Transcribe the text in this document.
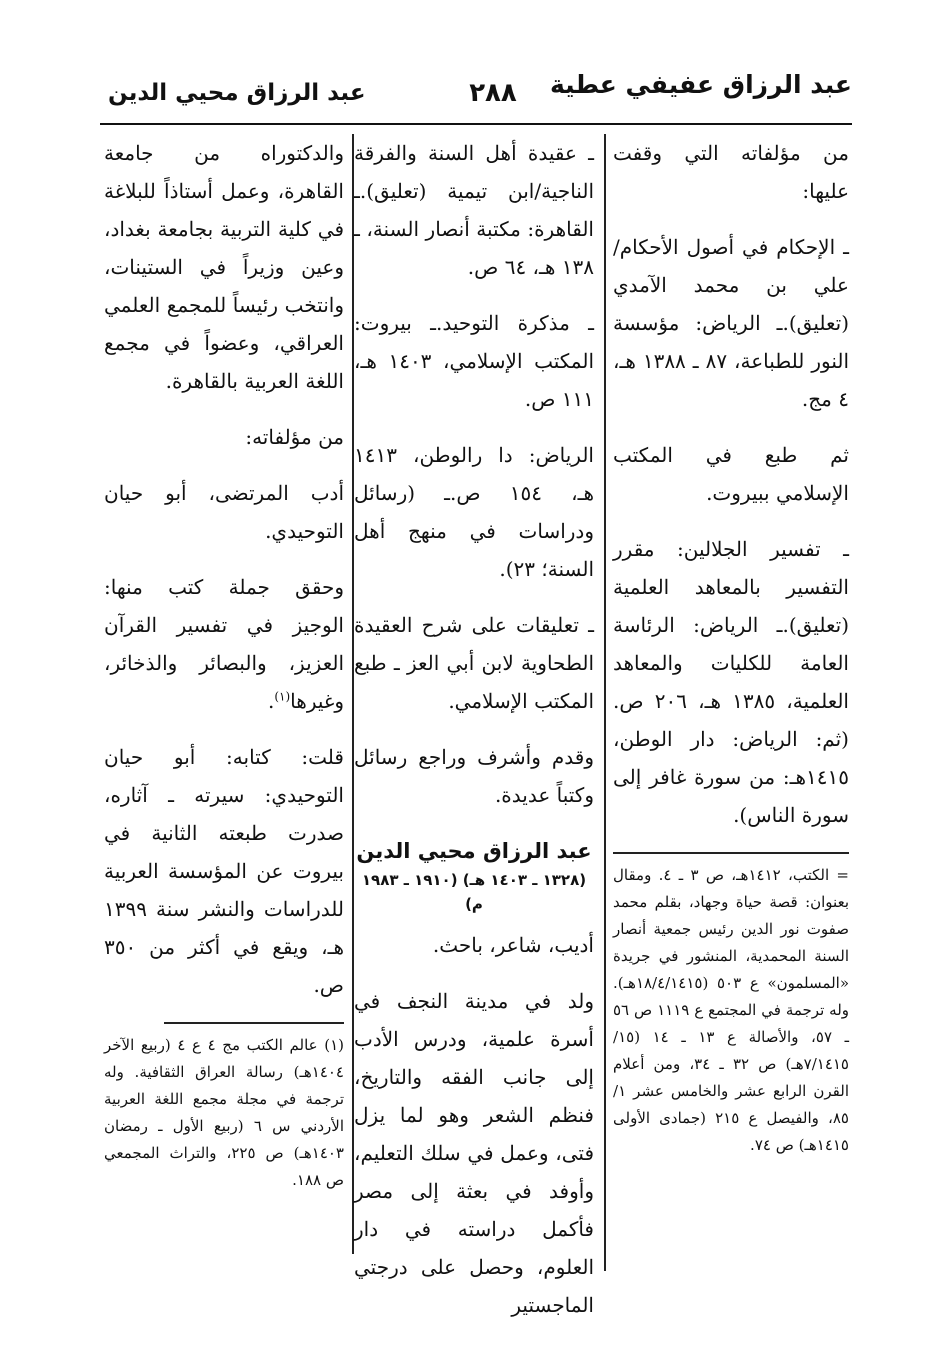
عبد الرزاق عفيفي عطية
٢٨٨
عبد الرزاق محيي الدين

من مؤلفاته التي وقفت عليها:

ـ الإحكام في أصول الأحكام/علي بن محمد الآمدي (تعليق).ـ الرياض: مؤسسة النور للطباعة، ٨٧ ـ ١٣٨٨ هـ، ٤ مج.

ثم طبع في المكتب الإسلامي ببيروت.

ـ تفسير الجلالين: مقرر التفسير بالمعاهد العلمية (تعليق).ـ الرياض: الرئاسة العامة للكليات والمعاهد العلمية، ١٣٨٥ هـ، ٢٠٦ ص. (ثم: الرياض: دار الوطن، ١٤١٥هـ: من سورة غافر إلى سورة الناس).

= الكتب، ١٤١٢هـ، ص ٣ ـ ٤. ومقال بعنوان: قصة حياة وجهاد، بقلم محمد صفوت نور الدين رئيس جمعية أنصار السنة المحمدية، المنشور في جريدة «المسلمون» ع ٥٠٣ (١٨/٤/١٤١٥هـ). وله ترجمة في المجتمع ع ١١١٩ ص ٥٦ ـ ٥٧، والأصالة ع ١٣ ـ ١٤ (١٥/ ٧/١٤١٥هـ) ص ٣٢ ـ ٣٤، ومن أعلام القرن الرابع عشر والخامس عشر ١/ ٨٥، والفيصل ع ٢١٥ (جمادى الأولى ١٤١٥هـ) ص ٧٤.

ـ عقيدة أهل السنة والفرقة الناجية/ابن تيمية (تعليق).ـ القاهرة: مكتبة أنصار السنة، ـ ١٣٨ هـ، ٦٤ ص.

ـ مذكرة التوحيد.ـ بيروت: المكتب الإسلامي، ١٤٠٣ هـ، ١١١ ص.

الرياض: دا رالوطن، ١٤١٣ هـ، ١٥٤ ص.ـ (رسائل ودراسات في منهج أهل السنة؛ ٢٣).

ـ تعليقات على شرح العقيدة الطحاوية لابن أبي العز ـ طبع المكتب الإسلامي.

وقدم وأشرف وراجع رسائل وكتباً عديدة.

عبد الرزاق محيي الدين
(١٣٢٨ ـ ١٤٠٣ هـ) (١٩١٠ ـ ١٩٨٣ م)

أديب، شاعر، باحث.

ولد في مدينة النجف في أسرة علمية، ودرس الأدب إلى جانب الفقه والتاريخ، فنظم الشعر وهو لما يزل فتى، وعمل في سلك التعليم، وأوفد في بعثة إلى مصر فأكمل دراسته في دار العلوم، وحصل على درجتي الماجستير

والدكتوراه من جامعة القاهرة، وعمل أستاذاً للبلاغة في كلية التربية بجامعة بغداد، وعين وزيراً في الستينات، وانتخب رئيساً للمجمع العلمي العراقي، وعضواً في مجمع اللغة العربية بالقاهرة.

من مؤلفاته:

أدب المرتضى، أبو حيان التوحيدي.

وحقق جملة كتب منها: الوجيز في تفسير القرآن العزيز، والبصائر والذخائر، وغيرها$^{(١)}$.

قلت: كتابه: أبو حيان التوحيدي: سيرته ـ آثاره، صدرت طبعته الثانية في بيروت عن المؤسسة العربية للدراسات والنشر سنة ١٣٩٩ هـ، ويقع في أكثر من ٣٥٠ ص.

(١) عالم الكتب مج ٤ ع ٤ (ربيع الآخر ١٤٠٤هـ) رسالة العراق الثقافية. وله ترجمة في مجلة مجمع اللغة العربية الأردني س ٦ (ربيع الأول ـ رمضان ١٤٠٣هـ) ص ٢٢٥، والتراث المجمعي ص ١٨٨.
